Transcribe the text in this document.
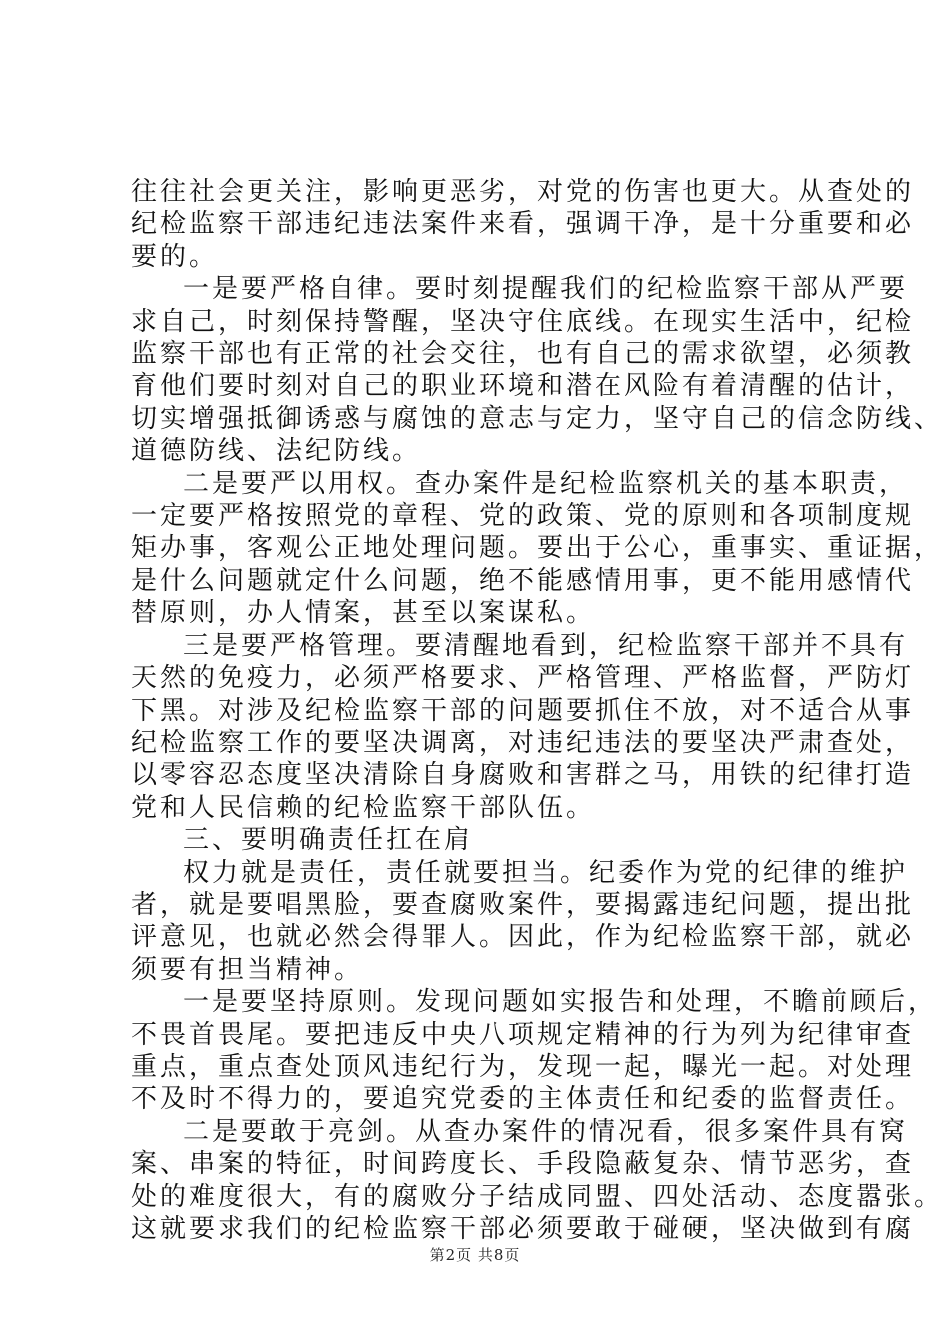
往往社会更关注，影响更恶劣，对党的伤害也更大。从查处的
纪检监察干部违纪违法案件来看，强调干净，是十分重要和必
要的。

一是要严格自律。要时刻提醒我们的纪检监察干部从严要
求自己，时刻保持警醒，坚决守住底线。在现实生活中，纪检
监察干部也有正常的社会交往，也有自己的需求欲望，必须教
育他们要时刻对自己的职业环境和潜在风险有着清醒的估计，
切实增强抵御诱惑与腐蚀的意志与定力，坚守自己的信念防线、
道德防线、法纪防线。

二是要严以用权。查办案件是纪检监察机关的基本职责，
一定要严格按照党的章程、党的政策、党的原则和各项制度规
矩办事，客观公正地处理问题。要出于公心，重事实、重证据，
是什么问题就定什么问题，绝不能感情用事，更不能用感情代
替原则，办人情案，甚至以案谋私。

三是要严格管理。要清醒地看到，纪检监察干部并不具有
天然的免疫力，必须严格要求、严格管理、严格监督，严防灯
下黑。对涉及纪检监察干部的问题要抓住不放，对不适合从事
纪检监察工作的要坚决调离，对违纪违法的要坚决严肃查处，
以零容忍态度坚决清除自身腐败和害群之马，用铁的纪律打造
党和人民信赖的纪检监察干部队伍。

三、要明确责任扛在肩

权力就是责任，责任就要担当。纪委作为党的纪律的维护
者，就是要唱黑脸，要查腐败案件，要揭露违纪问题，提出批
评意见，也就必然会得罪人。因此，作为纪检监察干部，就必
须要有担当精神。

一是要坚持原则。发现问题如实报告和处理，不瞻前顾后，
不畏首畏尾。要把违反中央八项规定精神的行为列为纪律审查
重点，重点查处顶风违纪行为，发现一起，曝光一起。对处理
不及时不得力的，要追究党委的主体责任和纪委的监督责任。

二是要敢于亮剑。从查办案件的情况看，很多案件具有窝
案、串案的特征，时间跨度长、手段隐蔽复杂、情节恶劣，查
处的难度很大，有的腐败分子结成同盟、四处活动、态度嚣张。
这就要求我们的纪检监察干部必须要敢于碰硬，坚决做到有腐

第2页 共8页
